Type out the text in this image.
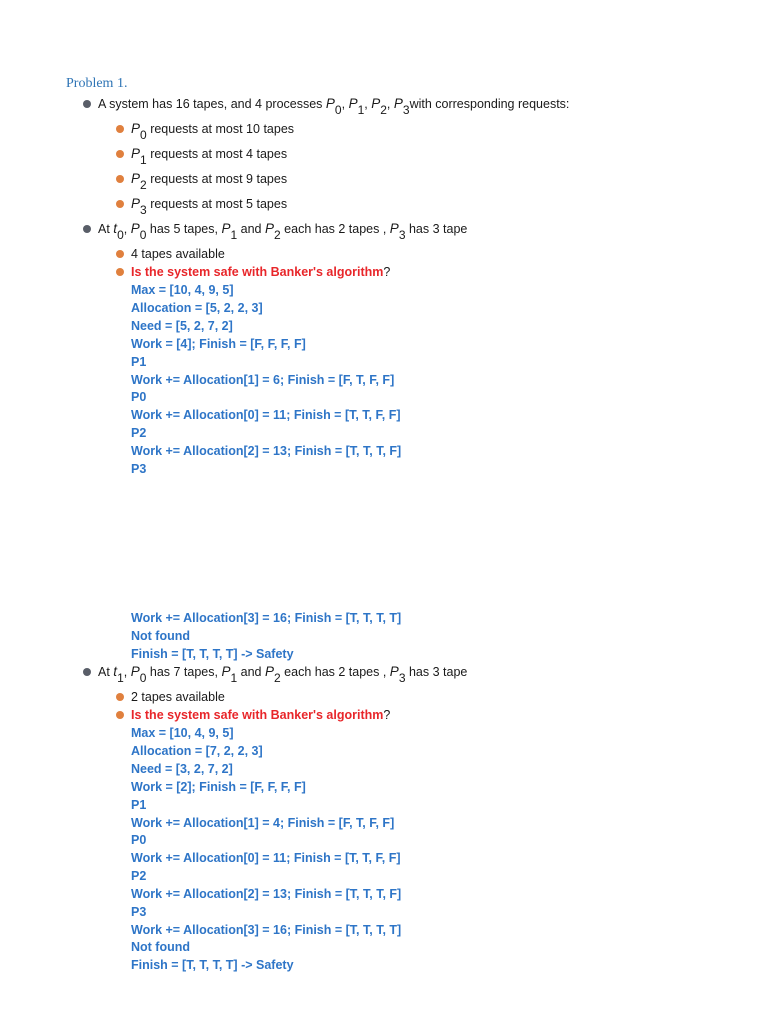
Problem 1.
A system has 16 tapes, and 4 processes $P_0$, $P_1$, $P_2$, $P_3with$ corresponding requests:
$P_0$ requests at most 10 tapes
$P_1$ requests at most 4 tapes
$P_2$ requests at most 9 tapes
$P_3$ requests at most 5 tapes
At $t_0$, $P_0$ has 5 tapes, $P_1$ and $P_2$ each has 2 tapes , $P_3$ has 3 tape
4 tapes available
Is the system safe with Banker's algorithm?
Max = [10, 4, 9, 5]
Allocation = [5, 2, 2, 3]
Need = [5, 2, 7, 2]
Work = [4]; Finish = [F, F, F, F]
P1
Work += Allocation[1] = 6; Finish = [F, T, F, F]
P0
Work += Allocation[0] = 11; Finish = [T, T, F, F]
P2
Work += Allocation[2] = 13; Finish = [T, T, T, F]
P3
Work += Allocation[3] = 16; Finish = [T, T, T, T]
Not found
Finish = [T, T, T, T] -> Safety
At $t_1$, $P_0$ has 7 tapes, $P_1$ and $P_2$ each has 2 tapes , $P_3$ has 3 tape
2 tapes available
Is the system safe with Banker's algorithm?
Max = [10, 4, 9, 5]
Allocation = [7, 2, 2, 3]
Need = [3, 2, 7, 2]
Work = [2]; Finish = [F, F, F, F]
P1
Work += Allocation[1] = 4; Finish = [F, T, F, F]
P0
Work += Allocation[0] = 11; Finish = [T, T, F, F]
P2
Work += Allocation[2] = 13; Finish = [T, T, T, F]
P3
Work += Allocation[3] = 16; Finish = [T, T, T, T]
Not found
Finish = [T, T, T, T] -> Safety
